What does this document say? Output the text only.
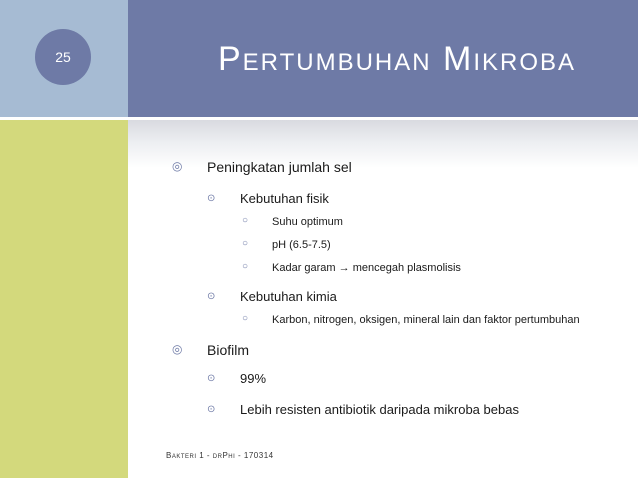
25	Pertumbuhan Mikroba
◎ Peningkatan jumlah sel
⊙ Kebutuhan fisik
○ Suhu optimum
○ pH (6.5-7.5)
○ Kadar garam → mencegah plasmolisis
⊙ Kebutuhan kimia
○ Karbon, nitrogen, oksigen, mineral lain dan faktor pertumbuhan
◎ Biofilm
⊙ 99%
⊙ Lebih resisten antibiotik daripada mikroba bebas
Bakteri 1 - drPhi - 170314
